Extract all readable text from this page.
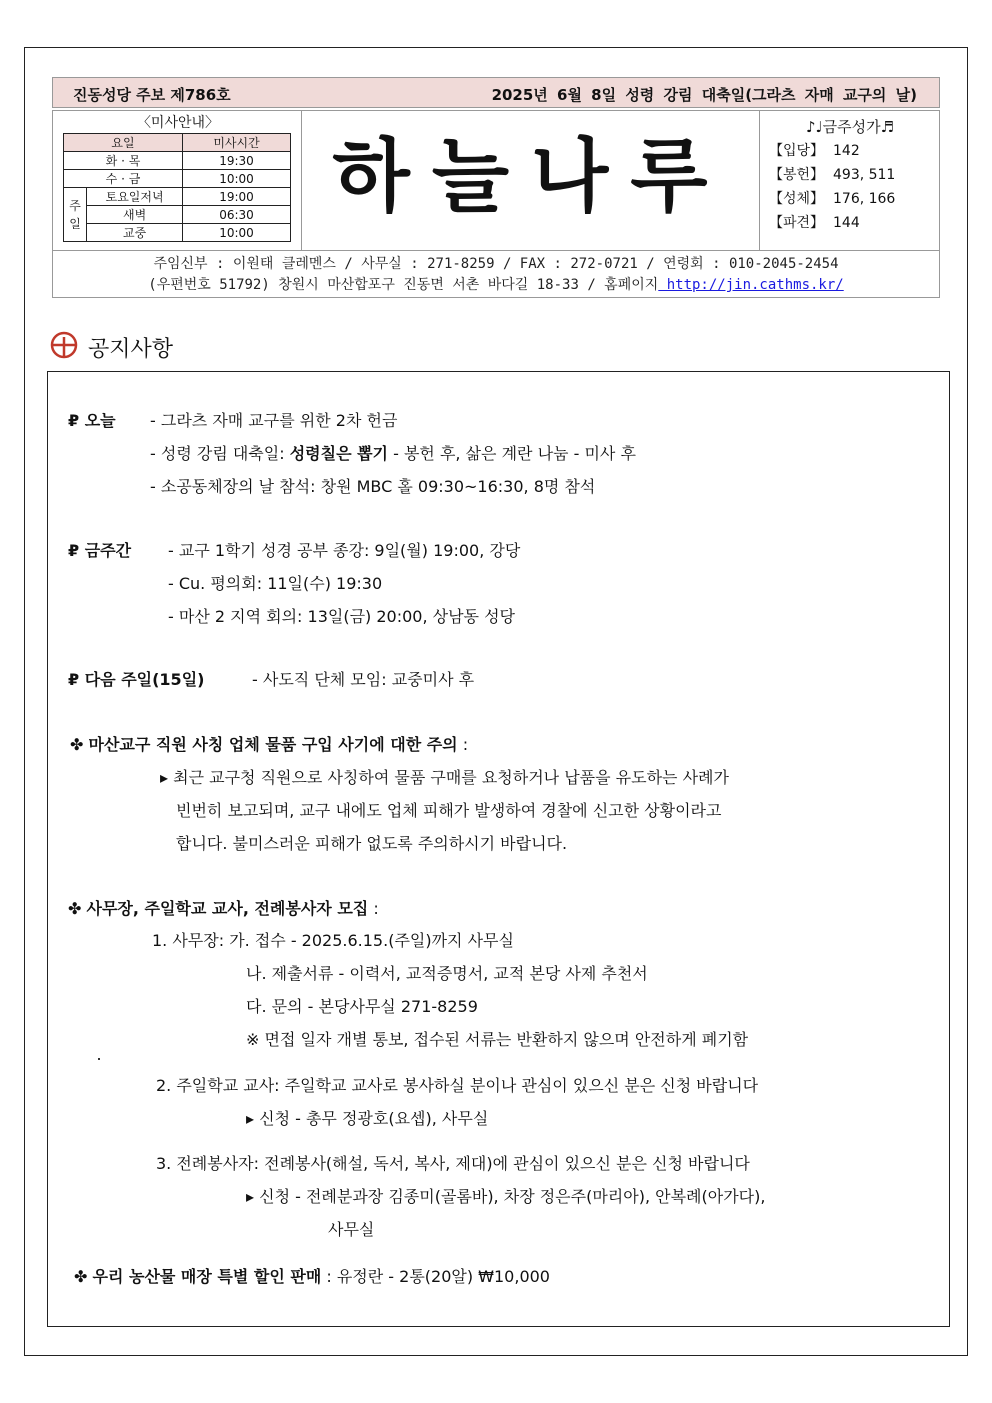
진동성당 주보 제786호	2025년 6월 8일 성령 강림 대축일(그라츠 자매 교구의 날)
〈미사안내〉
요일		미사시간
화 · 목		19:30
수 · 금		10:00
주
일	토요일저녁	19:00
	새벽	06:30
	교중	10:00
하늘나루
♪♩금주성가♬
【입당】 142
【봉헌】 493, 511
【성체】 176, 166
【파견】 144
주임신부 : 이원태 클레멘스 / 사무실 : 271-8259 / FAX : 272-0721 / 연령회 : 010-2045-2454
(우편번호 51792) 창원시 마산합포구 진동면 서촌 바다길 18-33 / 홈페이지 http://jin.cathms.kr/
공지사항
₽ 오늘 - 그라츠 자매 교구를 위한 2차 헌금
- 성령 강림 대축일: 성령칠은 뽑기 - 봉헌 후, 삶은 계란 나눔 - 미사 후
- 소공동체장의 날 참석: 창원 MBC 홀 09:30~16:30, 8명 참석
₽ 금주간 - 교구 1학기 성경 공부 종강: 9일(월) 19:00, 강당
- Cu. 평의회: 11일(수) 19:30
- 마산 2 지역 회의: 13일(금) 20:00, 상남동 성당
₽ 다음 주일(15일)	- 사도직 단체 모임: 교중미사 후
✤ 마산교구 직원 사칭 업체 물품 구입 사기에 대한 주의 :
▸ 최근 교구청 직원으로 사칭하여 물품 구매를 요청하거나 납품을 유도하는 사례가
빈번히 보고되며, 교구 내에도 업체 피해가 발생하여 경찰에 신고한 상황이라고
합니다. 불미스러운 피해가 없도록 주의하시기 바랍니다.
✤ 사무장, 주일학교 교사, 전례봉사자 모집 :
1. 사무장: 가. 접수 - 2025.6.15.(주일)까지 사무실
나. 제출서류 - 이력서, 교적증명서, 교적 본당 사제 추천서
다. 문의 - 본당사무실 271-8259
※ 면접 일자 개별 통보, 접수된 서류는 반환하지 않으며 안전하게 폐기함
2. 주일학교 교사: 주일학교 교사로 봉사하실 분이나 관심이 있으신 분은 신청 바랍니다
▸ 신청 - 총무 정광호(요셉), 사무실
3. 전례봉사자: 전례봉사(해설, 독서, 복사, 제대)에 관심이 있으신 분은 신청 바랍니다
▸ 신청 - 전례분과장 김종미(골롬바), 차장 정은주(마리아), 안복례(아가다),
사무실
✤ 우리 농산물 매장 특별 할인 판매 : 유정란 - 2통(20알) ₩10,000
